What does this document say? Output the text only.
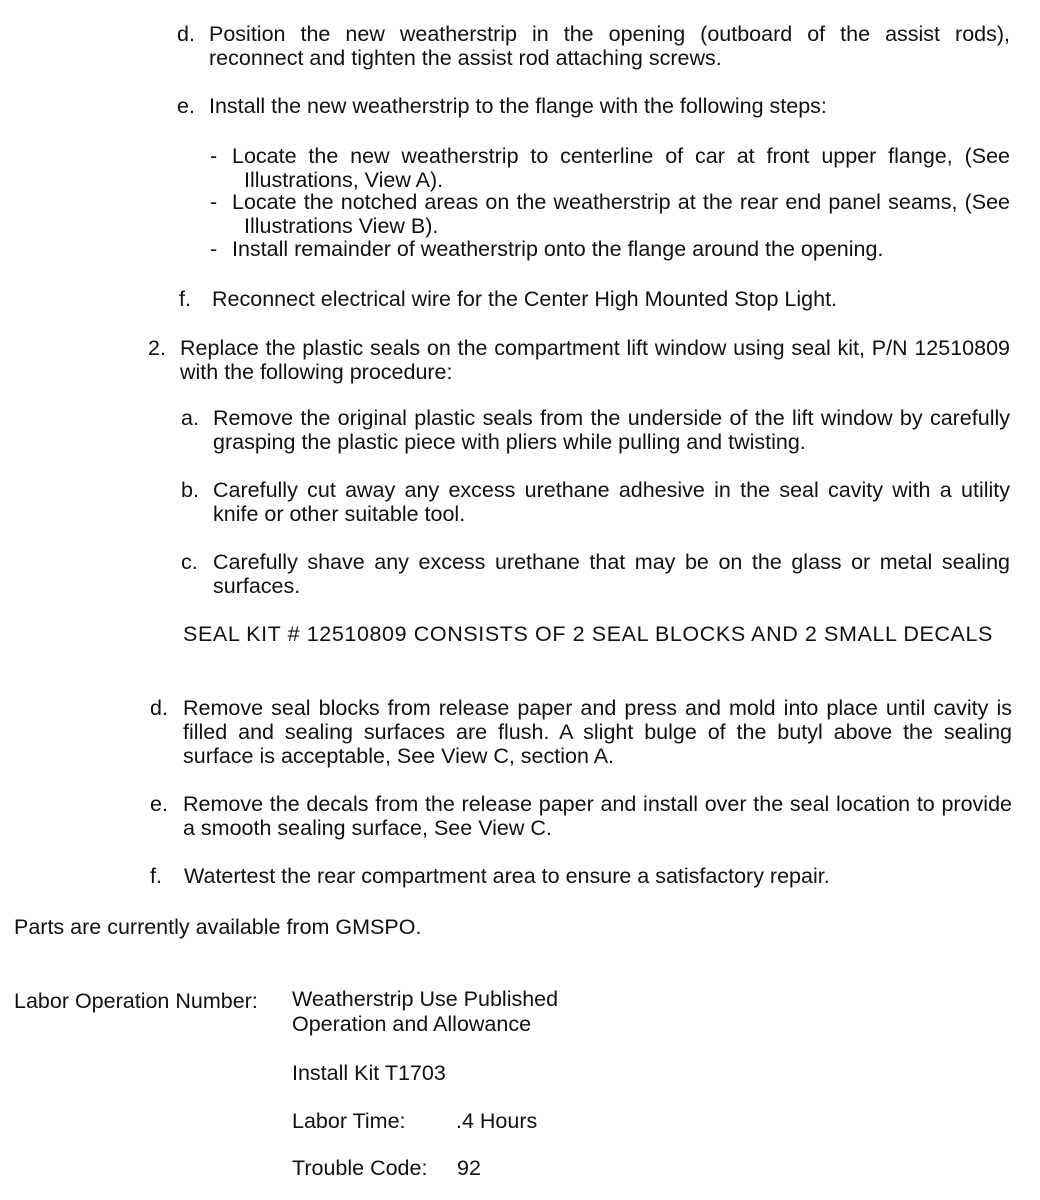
d. Position the new weatherstrip in the opening (outboard of the assist rods), reconnect and tighten the assist rod attaching screws.
e. Install the new weatherstrip to the flange with the following steps:
- Locate the new weatherstrip to centerline of car at front upper flange, (See Illustrations, View A).
- Locate the notched areas on the weatherstrip at the rear end panel seams, (See Illustrations View B).
- Install remainder of weatherstrip onto the flange around the opening.
f. Reconnect electrical wire for the Center High Mounted Stop Light.
2. Replace the plastic seals on the compartment lift window using seal kit, P/N 12510809 with the following procedure:
a. Remove the original plastic seals from the underside of the lift window by carefully grasping the plastic piece with pliers while pulling and twisting.
b. Carefully cut away any excess urethane adhesive in the seal cavity with a utility knife or other suitable tool.
c. Carefully shave any excess urethane that may be on the glass or metal sealing surfaces.
SEAL KIT # 12510809 CONSISTS OF 2 SEAL BLOCKS AND 2 SMALL DECALS
d. Remove seal blocks from release paper and press and mold into place until cavity is filled and sealing surfaces are flush. A slight bulge of the butyl above the sealing surface is acceptable, See View C, section A.
e. Remove the decals from the release paper and install over the seal location to provide a smooth sealing surface, See View C.
f. Watertest the rear compartment area to ensure a satisfactory repair.
Parts are currently available from GMSPO.
Labor Operation Number: Weatherstrip Use Published
Operation and Allowance
Install Kit T1703
Labor Time: .4 Hours
Trouble Code: 92
